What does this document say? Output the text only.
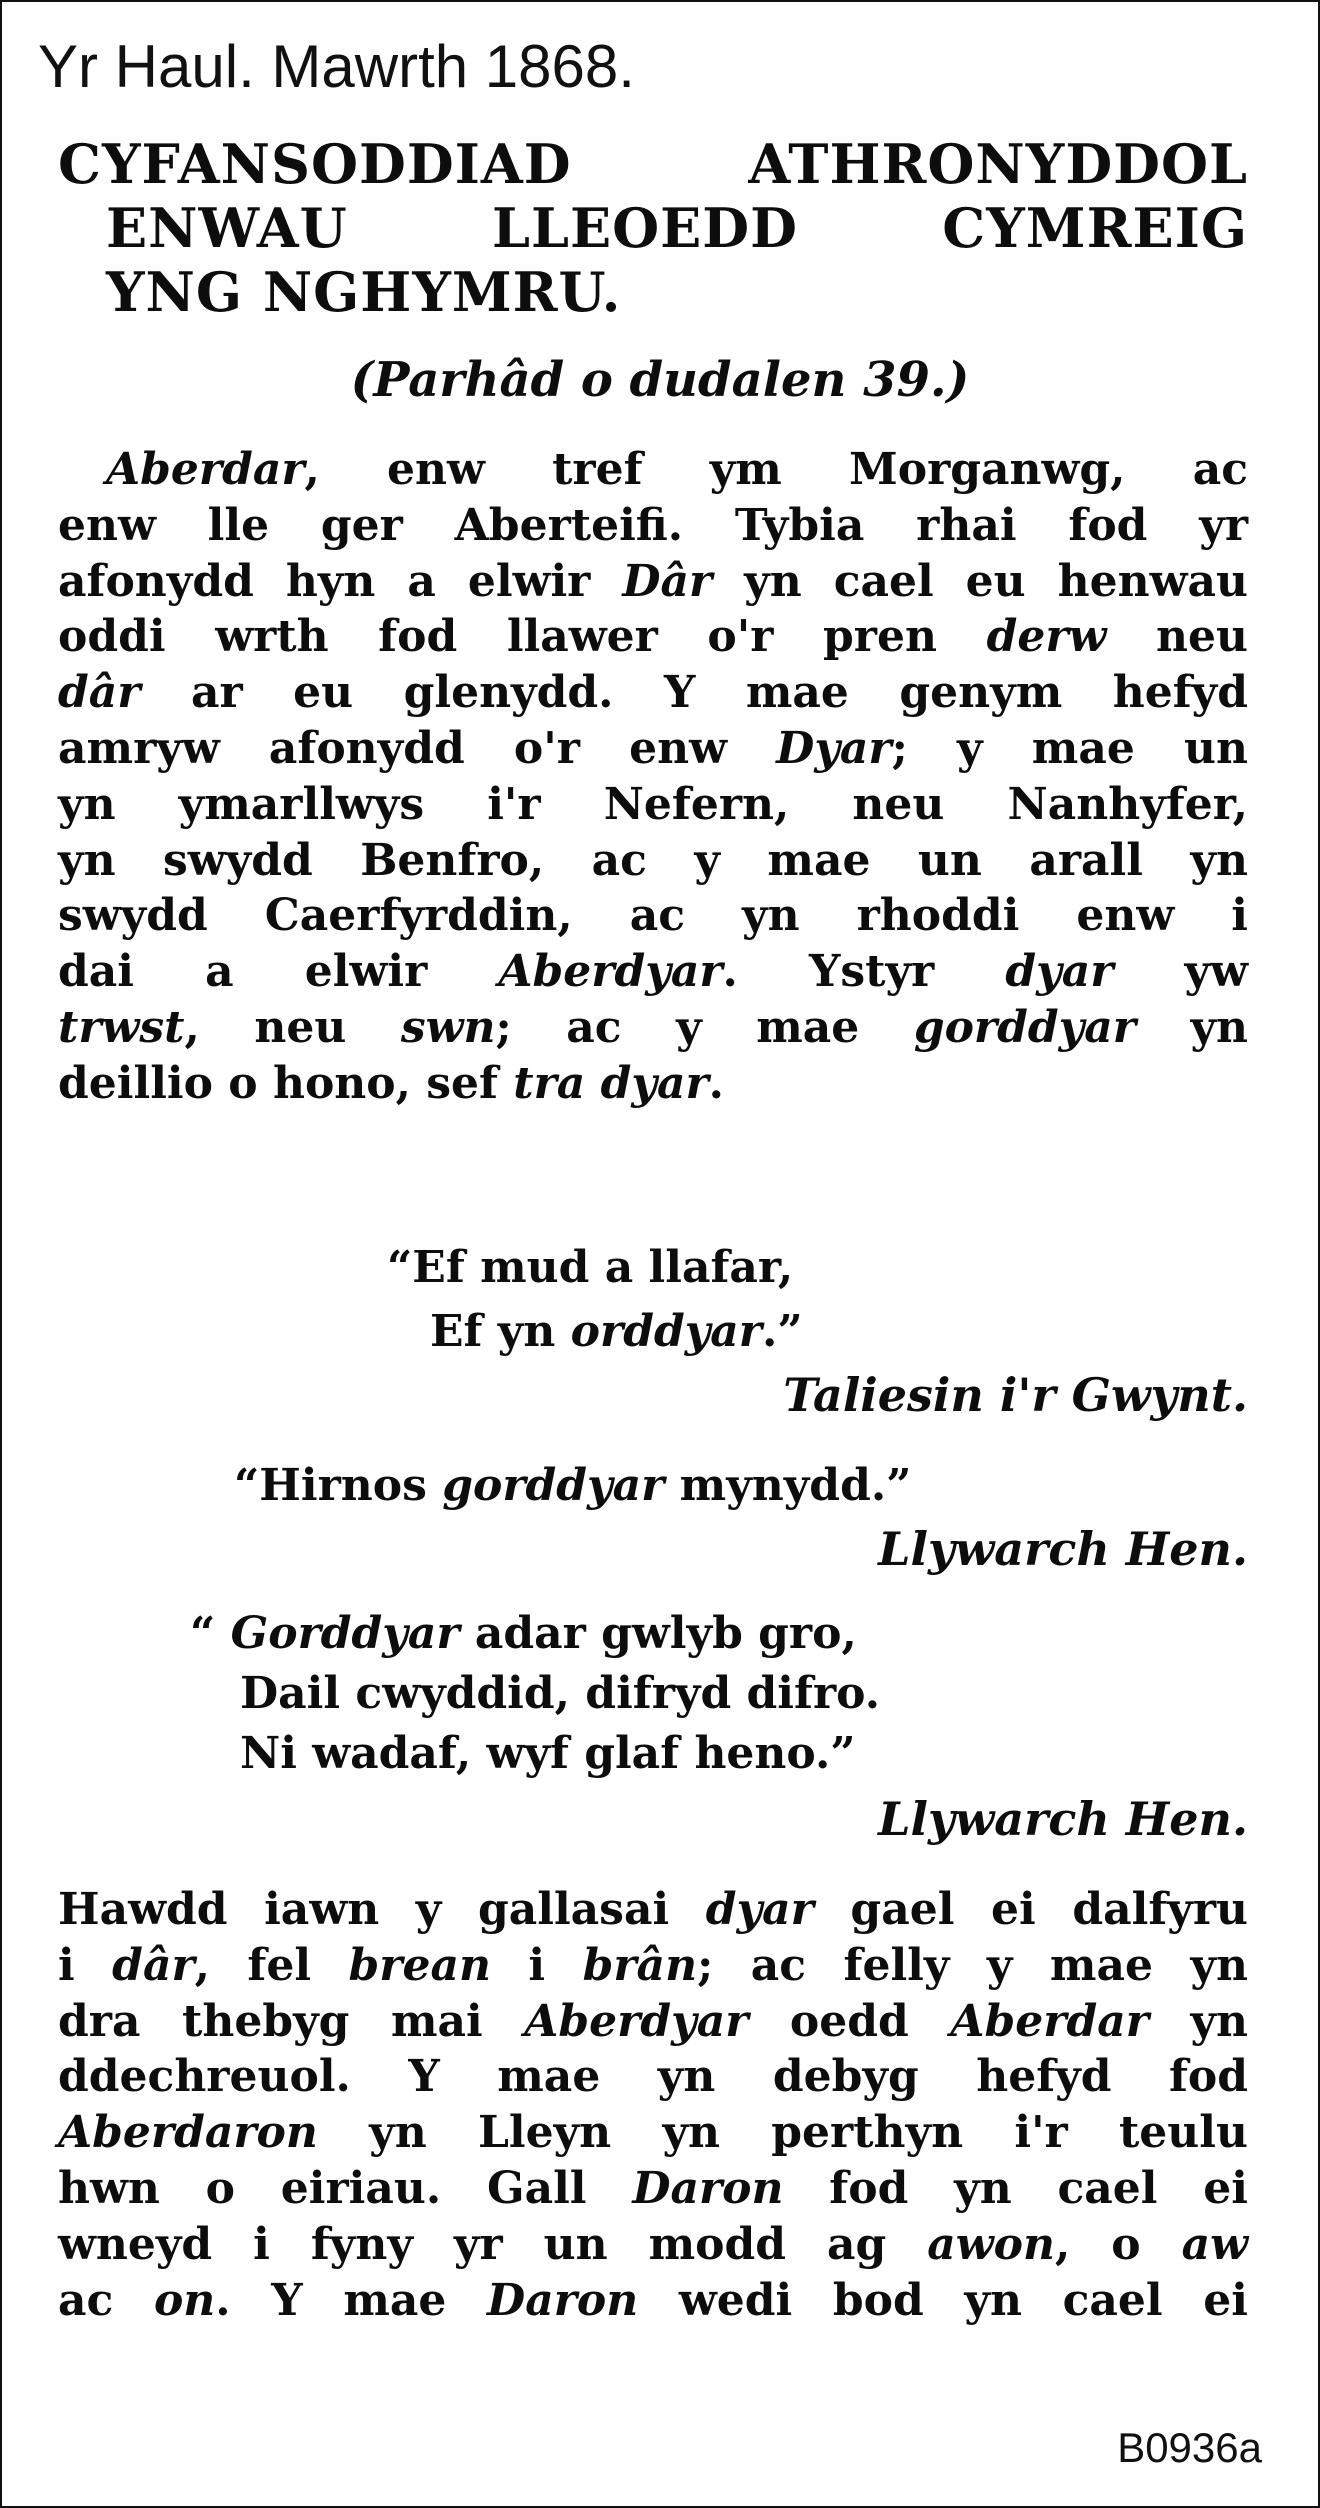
Yr Haul. Mawrth 1868.
CYFANSODDIAD ATHRONYDDOL
ENWAU LLEOEDD CYMREIG
YNG NGHYMRU.
(Parhâd o dudalen 39.)
Aberdar, enw tref ym Morganwg, ac
enw lle ger Aberteifi. Tybia rhai fod yr
afonydd hyn a elwir Dâr yn cael eu henwau
oddi wrth fod llawer o'r pren derw neu
dâr ar eu glenydd. Y mae genym hefyd
amryw afonydd o'r enw Dyar; y mae un
yn ymarllwys i'r Nefern, neu Nanhyfer,
yn swydd Benfro, ac y mae un arall yn
swydd Caerfyrddin, ac yn rhoddi enw i
dai a elwir Aberdyar. Ystyr dyar yw
trwst, neu swn; ac y mae gorddyar yn
deillio o hono, sef tra dyar.
“Ef mud a llafar,
Ef yn orddyar.”
Taliesin i'r Gwynt.
“Hirnos gorddyar mynydd.”
Llywarch Hen.
“ Gorddyar adar gwlyb gro,
Dail cwyddid, difryd difro.
Ni wadaf, wyf glaf heno.”
Llywarch Hen.
Hawdd iawn y gallasai dyar gael ei dalfyru
i dâr, fel brean i brân; ac felly y mae yn
dra thebyg mai Aberdyar oedd Aberdar yn
ddechreuol. Y mae yn debyg hefyd fod
Aberdaron yn Lleyn yn perthyn i'r teulu
hwn o eiriau. Gall Daron fod yn cael ei
wneyd i fyny yr un modd ag awon, o aw
ac on. Y mae Daron wedi bod yn cael ei
B0936a
